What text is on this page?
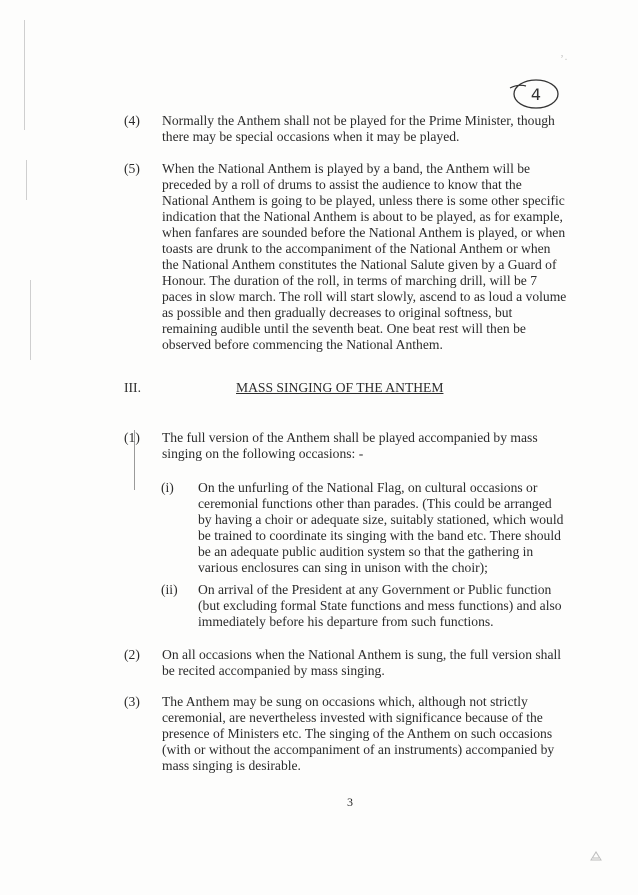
ʼ·
4
(4) Normally the Anthem shall not be played for the Prime Minister, though
there may be special occasions when it may be played.
(5) When the National Anthem is played by a band, the Anthem will be
preceded by a roll of drums to assist the audience to know that the
National Anthem is going to be played, unless there is some other specific
indication that the National Anthem is about to be played, as for example,
when fanfares are sounded before the National Anthem is played, or when
toasts are drunk to the accompaniment of the National Anthem or when
the National Anthem constitutes the National Salute given by a Guard of
Honour. The duration of the roll, in terms of marching drill, will be 7
paces in slow march. The roll will start slowly, ascend to as loud a volume
as possible and then gradually decreases to original softness, but
remaining audible until the seventh beat. One beat rest will then be
observed before commencing the National Anthem.
III.	MASS SINGING OF THE ANTHEM
(1) The full version of the Anthem shall be played accompanied by mass
singing on the following occasions: -
(i) On the unfurling of the National Flag, on cultural occasions or
ceremonial functions other than parades. (This could be arranged
by having a choir or adequate size, suitably stationed, which would
be trained to coordinate its singing with the band etc. There should
be an adequate public audition system so that the gathering in
various enclosures can sing in unison with the choir);
(ii) On arrival of the President at any Government or Public function
(but excluding formal State functions and mess functions) and also
immediately before his departure from such functions.
(2) On all occasions when the National Anthem is sung, the full version shall
be recited accompanied by mass singing.
(3) The Anthem may be sung on occasions which, although not strictly
ceremonial, are nevertheless invested with significance because of the
presence of Ministers etc. The singing of the Anthem on such occasions
(with or without the accompaniment of an instruments) accompanied by
mass singing is desirable.
3
